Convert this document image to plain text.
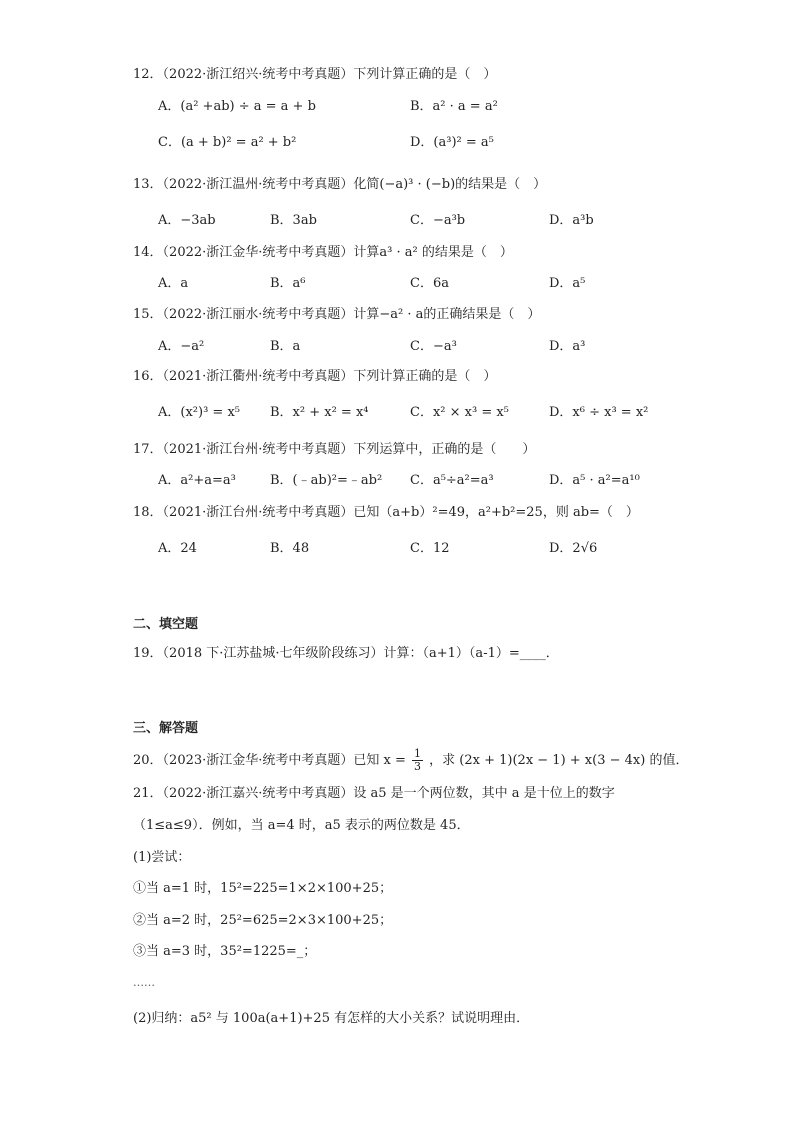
12．（2022·浙江绍兴·统考中考真题）下列计算正确的是（　）
A．(a² +ab) ÷ a = a + b	B．a² · a = a²
C．(a + b)² = a² + b²	D．(a³)² = a⁵
13．（2022·浙江温州·统考中考真题）化简(−a)³ · (−b)的结果是（　）
A．−3ab	B．3ab	C．−a³b	D．a³b
14．（2022·浙江金华·统考中考真题）计算a³ · a² 的结果是（　）
A．a	B．a⁶	C．6a	D．a⁵
15．（2022·浙江丽水·统考中考真题）计算−a² · a的正确结果是（　）
A．−a²	B．a	C．−a³	D．a³
16．（2021·浙江衢州·统考中考真题）下列计算正确的是（　）
A．(x²)³ = x⁵ B．x² + x² = x⁴	C．x² × x³ = x⁵	D．x⁶ ÷ x³ = x²
17．（2021·浙江台州·统考中考真题）下列运算中，正确的是（　　）
A．a²+a=a³	B．(﹣ab)²=﹣ab² C．a⁵÷a²=a³	D．a⁵ · a²=a¹⁰
18．（2021·浙江台州·统考中考真题）已知（a+b）²=49，a²+b²=25，则 ab=（　）
A．24	B．48	C．12	D．2√6
二、填空题
19．（2018 下·江苏盐城·七年级阶段练习）计算：（a+1）（a-1）=____．
三、解答题
20．（2023·浙江金华·统考中考真题）已知 $x = \frac{1}{3}$ ，求 (2x + 1)(2x − 1) + x(3 − 4x) 的值．
21．（2022·浙江嘉兴·统考中考真题）设 a5 是一个两位数，其中 a 是十位上的数字
（1≤a≤9）．例如，当 a=4 时，a5 表示的两位数是 45．
(1)尝试：
①当 a=1 时，15²=225=1×2×100+25；
②当 a=2 时，25²=625=2×3×100+25；
③当 a=3 时，35²=1225=_；
……
(2)归纳：a5² 与 100a(a+1)+25 有怎样的大小关系？试说明理由．
